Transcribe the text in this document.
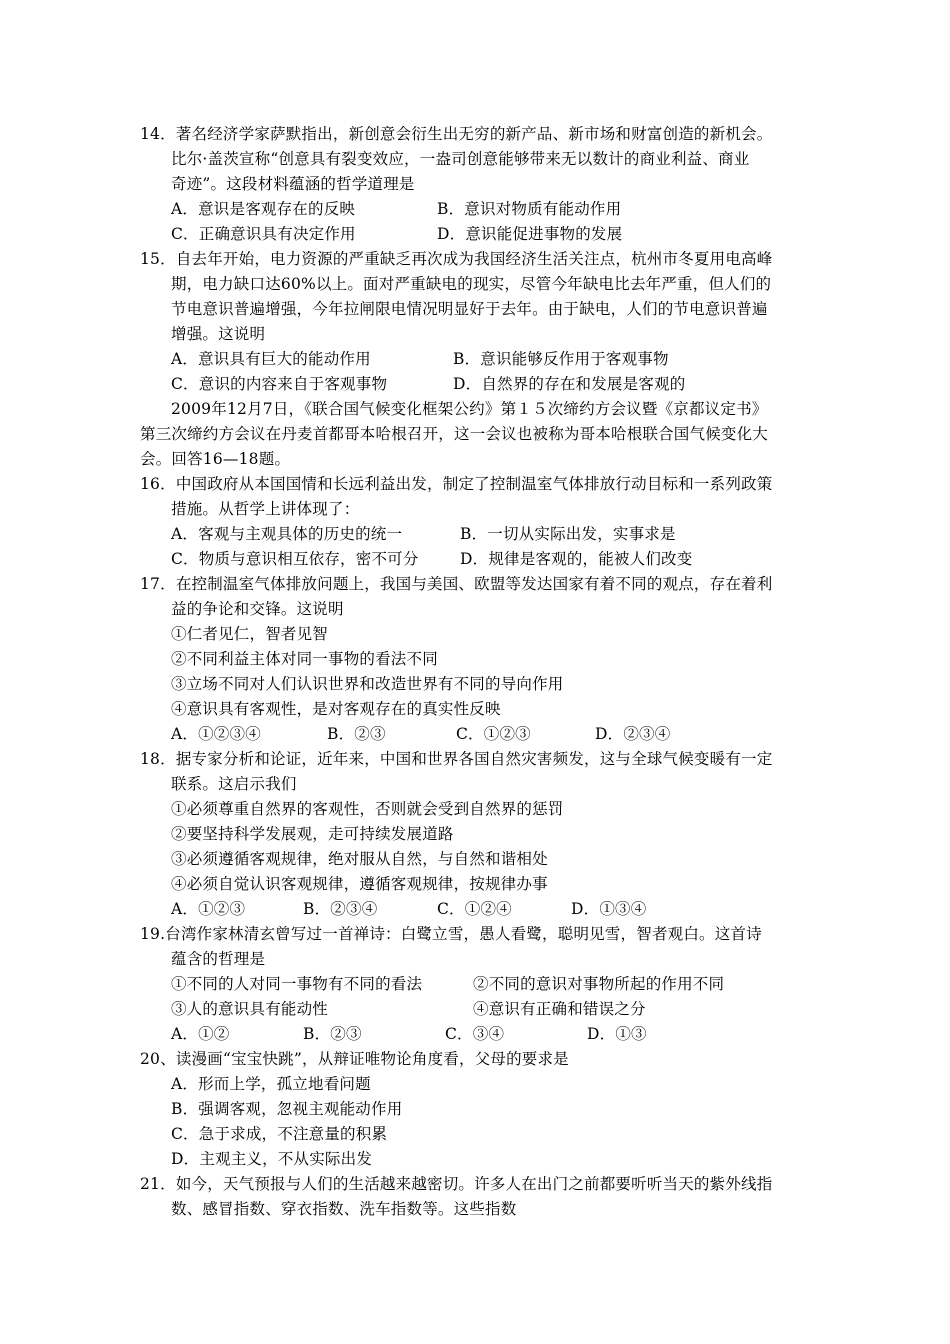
14．著名经济学家萨默指出，新创意会衍生出无穷的新产品、新市场和财富创造的新机会。
比尔·盖茨宣称“创意具有裂变效应，一盎司创意能够带来无以数计的商业利益、商业
奇迹”。这段材料蕴涵的哲学道理是
A．意识是客观存在的反映	B．意识对物质有能动作用
C．正确意识具有决定作用	D．意识能促进事物的发展
15．自去年开始，电力资源的严重缺乏再次成为我国经济生活关注点，杭州市冬夏用电高峰
期，电力缺口达60%以上。面对严重缺电的现实，尽管今年缺电比去年严重，但人们的
节电意识普遍增强，今年拉闸限电情况明显好于去年。由于缺电，人们的节电意识普遍
增强。这说明
A．意识具有巨大的能动作用	B．意识能够反作用于客观事物
C．意识的内容来自于客观事物	D．自然界的存在和发展是客观的
2009年12月7日，《联合国气候变化框架公约》第１５次缔约方会议暨《京都议定书》
第三次缔约方会议在丹麦首都哥本哈根召开，这一会议也被称为哥本哈根联合国气候变化大
会。回答16—18题。
16．中国政府从本国国情和长远利益出发，制定了控制温室气体排放行动目标和一系列政策
措施。从哲学上讲体现了：
A．客观与主观具体的历史的统一	B．一切从实际出发，实事求是
C．物质与意识相互依存，密不可分	D．规律是客观的，能被人们改变
17．在控制温室气体排放问题上，我国与美国、欧盟等发达国家有着不同的观点，存在着利
益的争论和交锋。这说明
①仁者见仁，智者见智
②不同利益主体对同一事物的看法不同
③立场不同对人们认识世界和改造世界有不同的导向作用
④意识具有客观性，是对客观存在的真实性反映
A．①②③④	B．②③	C．①②③	D．②③④
18．据专家分析和论证，近年来，中国和世界各国自然灾害频发，这与全球气候变暖有一定
联系。这启示我们
①必须尊重自然界的客观性，否则就会受到自然界的惩罚
②要坚持科学发展观，走可持续发展道路
③必须遵循客观规律，绝对服从自然，与自然和谐相处
④必须自觉认识客观规律，遵循客观规律，按规律办事
A．①②③	B．②③④	C．①②④	D．①③④
19.台湾作家林清玄曾写过一首禅诗：白鹭立雪，愚人看鹭，聪明见雪，智者观白。这首诗
蕴含的哲理是
①不同的人对同一事物有不同的看法	②不同的意识对事物所起的作用不同
③人的意识具有能动性	④意识有正确和错误之分
A．①②	B．②③	C．③④	D．①③
20、读漫画“宝宝快跳”，从辩证唯物论角度看，父母的要求是
A．形而上学，孤立地看问题
B．强调客观，忽视主观能动作用
C．急于求成，不注意量的积累
D．主观主义，不从实际出发
21．如今，天气预报与人们的生活越来越密切。许多人在出门之前都要听听当天的紫外线指
数、感冒指数、穿衣指数、洗车指数等。这些指数
